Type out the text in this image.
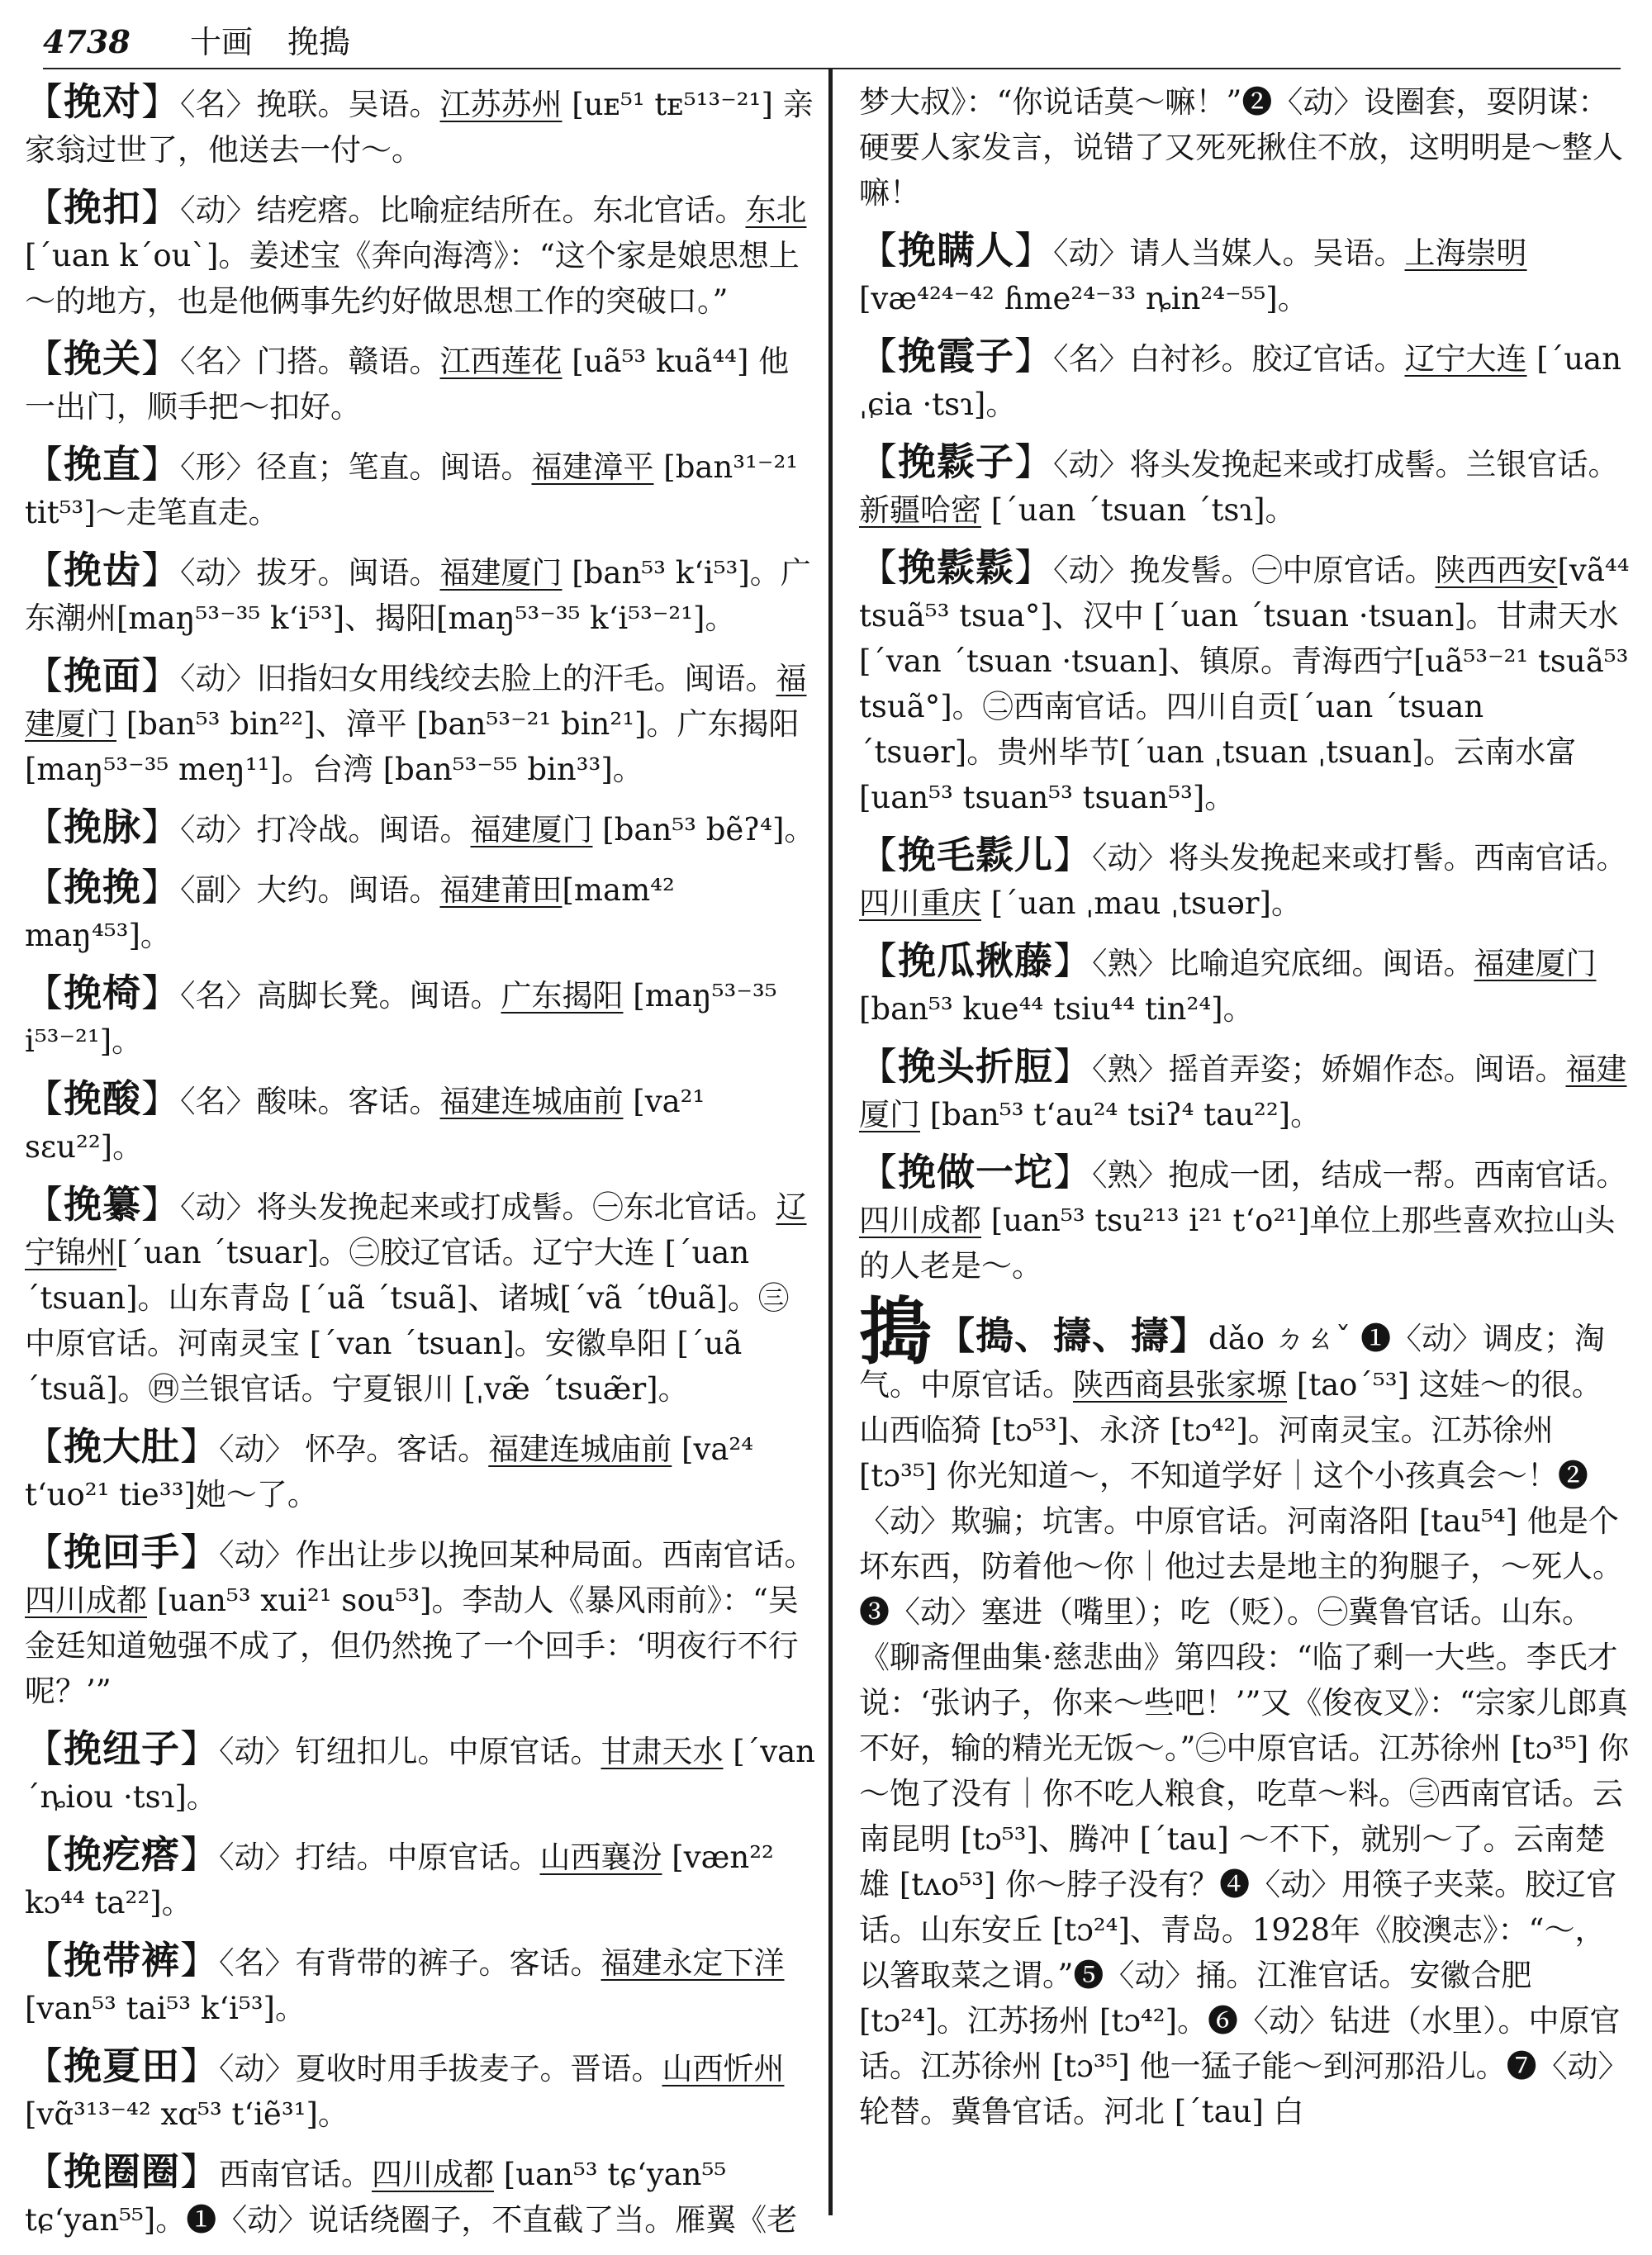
4738 十画 挽搗

【挽对】〈名〉挽联。吴语。江苏苏州 [uᴇ⁵¹ tᴇ⁵¹³⁻²¹] 亲家翁过世了，他送去一付～。

【挽扣】〈动〉结疙瘩。比喻症结所在。东北官话。东北 [ˊuan kˊouˋ]。姜述宝《奔向海湾》：“这个家是娘思想上～的地方，也是他俩事先约好做思想工作的突破口。”

【挽关】〈名〉门搭。赣语。江西莲花 [uã⁵³ kuã⁴⁴] 他一出门，顺手把～扣好。

【挽直】〈形〉径直；笔直。闽语。福建漳平 [ban³¹⁻²¹ tit⁵³]～走笔直走。

【挽齿】〈动〉拔牙。闽语。福建厦门 [ban⁵³ kʻi⁵³]。广东潮州[maŋ⁵³⁻³⁵ kʻi⁵³]、揭阳[maŋ⁵³⁻³⁵ kʻi⁵³⁻²¹]。

【挽面】〈动〉旧指妇女用线绞去脸上的汗毛。闽语。福建厦门 [ban⁵³ bin²²]、漳平 [ban⁵³⁻²¹ bin²¹]。广东揭阳 [maŋ⁵³⁻³⁵ meŋ¹¹]。台湾 [ban⁵³⁻⁵⁵ bin³³]。

【挽脉】〈动〉打冷战。闽语。福建厦门 [ban⁵³ bẽʔ⁴]。

【挽挽】〈副〉大约。闽语。福建莆田[mam⁴² maŋ⁴⁵³]。

【挽椅】〈名〉高脚长凳。闽语。广东揭阳 [maŋ⁵³⁻³⁵ i⁵³⁻²¹]。

【挽酸】〈名〉酸味。客话。福建连城庙前 [va²¹ sɛu²²]。

【挽纂】〈动〉将头发挽起来或打成髻。㊀东北官话。辽宁锦州[ˊuan ˊtsuar]。㊁胶辽官话。辽宁大连 [ˊuan ˊtsuan]。山东青岛 [ˊuã ˊtsuã]、诸城[ˊvã ˊtθuã]。㊂中原官话。河南灵宝 [ˊvan ˊtsuan]。安徽阜阳 [ˊuã ˊtsuã]。㊃兰银官话。宁夏银川 [ˌvæ̃ ˊtsuæ̃r]。

【挽大肚】〈动〉 怀孕。客话。福建连城庙前 [va²⁴ tʻuo²¹ tie³³]她～了。

【挽回手】〈动〉作出让步以挽回某种局面。西南官话。四川成都 [uan⁵³ xui²¹ sou⁵³]。李劼人《暴风雨前》：“吴金廷知道勉强不成了，但仍然挽了一个回手：‘明夜行不行呢？’”

【挽纽子】〈动〉钉纽扣儿。中原官话。甘肃天水 [ˊvan ˊȵiou ·tsɿ]。

【挽疙瘩】〈动〉打结。中原官话。山西襄汾 [væn²² kɔ⁴⁴ ta²²]。

【挽带裤】〈名〉有背带的裤子。客话。福建永定下洋 [van⁵³ tai⁵³ kʻi⁵³]。

【挽夏田】〈动〉夏收时用手拔麦子。晋语。山西忻州 [vɑ̃³¹³⁻⁴² xɑ⁵³ tʻiẽ³¹]。

【挽圈圈】西南官话。四川成都 [uan⁵³ tɕʻyan⁵⁵ tɕʻyan⁵⁵]。❶〈动〉说话绕圈子，不直截了当。雁翼《老

梦大叔》：“你说话莫～嘛！”❷〈动〉设圈套，耍阴谋：硬要人家发言，说错了又死死揪住不放，这明明是～整人嘛！

【挽瞒人】〈动〉请人当媒人。吴语。上海崇明[væ⁴²⁴⁻⁴² ɦme²⁴⁻³³ ȵin²⁴⁻⁵⁵]。

【挽霞子】〈名〉白衬衫。胶辽官话。辽宁大连 [ˊuan ˌɕia ·tsɿ]。

【挽鬏子】〈动〉将头发挽起来或打成髻。兰银官话。新疆哈密 [ˊuan ˊtsuan ˊtsɿ]。

【挽鬏鬏】〈动〉挽发髻。㊀中原官话。陕西西安[vã⁴⁴ tsuã⁵³ tsua°]、汉中 [ˊuan ˊtsuan ·tsuan]。甘肃天水[ˊvan ˊtsuan ·tsuan]、镇原。青海西宁[uã⁵³⁻²¹ tsuã⁵³ tsuã°]。㊁西南官话。四川自贡[ˊuan ˊtsuan ˊtsuər]。贵州毕节[ˊuan ˌtsuan ˌtsuan]。云南水富 [uan⁵³ tsuan⁵³ tsuan⁵³]。

【挽毛鬏儿】〈动〉将头发挽起来或打髻。西南官话。四川重庆 [ˊuan ˌmau ˌtsuər]。

【挽瓜揪藤】〈熟〉比喻追究底细。闽语。福建厦门 [ban⁵³ kue⁴⁴ tsiu⁴⁴ tin²⁴]。

【挽头折脰】〈熟〉摇首弄姿；娇媚作态。闽语。福建厦门 [ban⁵³ tʻau²⁴ tsiʔ⁴ tau²²]。

【挽做一坨】〈熟〉抱成一团，结成一帮。西南官话。四川成都 [uan⁵³ tsu²¹³ i²¹ tʻo²¹]单位上那些喜欢拉山头的人老是～。

搗 【搗、擣、擣】dǎo ㄉㄠˇ ❶〈动〉调皮；淘气。中原官话。陕西商县张家塬 [taoˊ⁵³] 这娃～的很。山西临猗 [tɔ⁵³]、永济 [tɔ⁴²]。河南灵宝。江苏徐州 [tɔ³⁵] 你光知道～，不知道学好｜这个小孩真会～！❷〈动〉欺骗；坑害。中原官话。河南洛阳 [tau⁵⁴] 他是个坏东西，防着他～你｜他过去是地主的狗腿子，～死人。❸〈动〉塞进（嘴里）；吃（贬）。㊀冀鲁官话。山东。《聊斋俚曲集·慈悲曲》第四段：“临了剩一大些。李氏才说：‘张讷子，你来～些吧！’”又《俊夜叉》：“宗家儿郎真不好，输的精光无饭～。”㊁中原官话。江苏徐州 [tɔ³⁵] 你～饱了没有｜你不吃人粮食，吃草～料。㊂西南官话。云南昆明 [tɔ⁵³]、腾冲 [ˊtau] ～不下，就别～了。云南楚雄 [tʌo⁵³] 你～脖子没有？❹〈动〉用筷子夹菜。胶辽官话。山东安丘 [tɔ²⁴]、青岛。1928年《胶澳志》：“～，以箸取菜之谓。”❺〈动〉捅。江淮官话。安徽合肥 [tɔ²⁴]。江苏扬州 [tɔ⁴²]。❻〈动〉钻进（水里）。中原官话。江苏徐州 [tɔ³⁵] 他一猛子能～到河那沿儿。❼〈动〉轮替。冀鲁官话。河北 [ˊtau] 白
